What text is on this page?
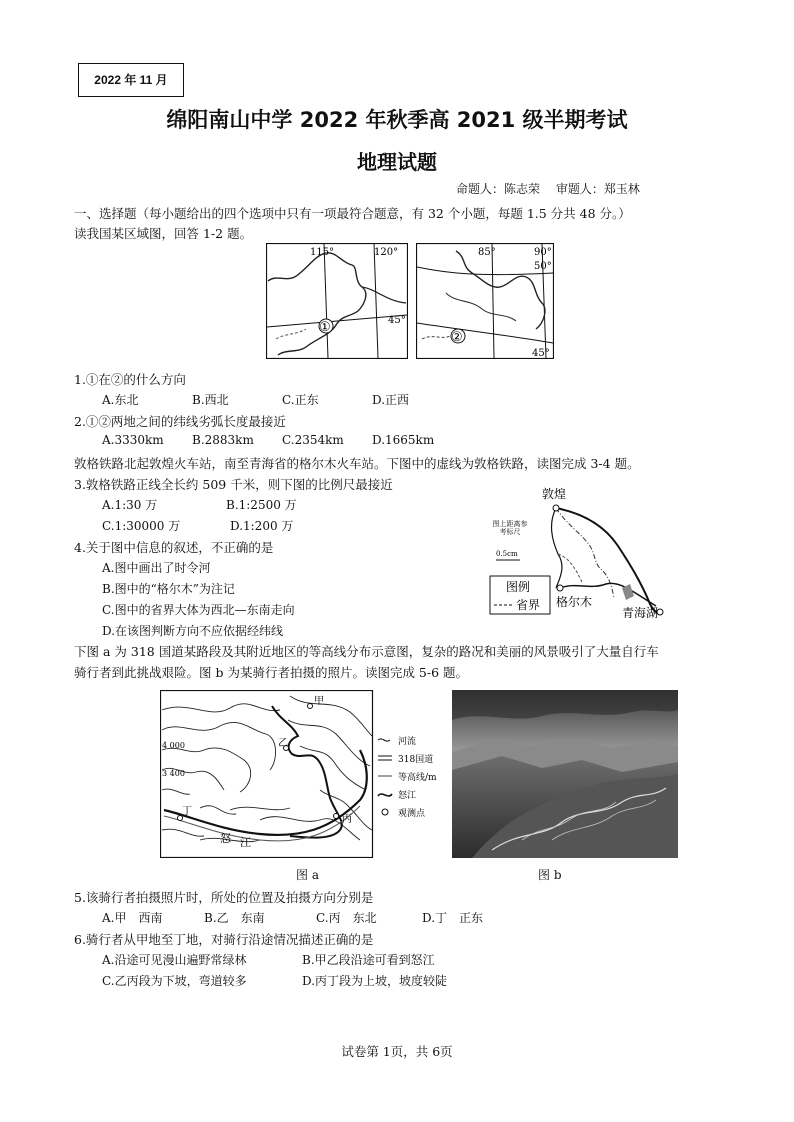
2022 年 11 月
绵阳南山中学 2022 年秋季高 2021 级半期考试
地理试题
命题人：陈志荣　 审题人：郑玉林
一、选择题（每小题给出的四个选项中只有一项最符合题意，有 32 个小题，每题 1.5 分共 48 分。）
读我国某区域图，回答 1-2 题。
115°	120°
45°
①
85°	90°
50°
45°
②
1.①在②的什么方向
A.东北	B.西北	C.正东	D.正西
2.①②两地之间的纬线劣弧长度最接近
A.3330km B.2883km C.2354km D.1665km
敦格铁路北起敦煌火车站，南至青海省的格尔木火车站。下图中的虚线为敦格铁路，读图完成 3-4 题。
3.敦格铁路正线全长约 509 千米，则下图的比例尺最接近
A.1:30 万	B.1:2500 万
C.1:30000 万	D.1:200 万
4.关于图中信息的叙述，不正确的是
A.图中画出了时令河
B.图中的“格尔木”为注记
C.图中的省界大体为西北—东南走向
D.在该图判断方向不应依据经纬线
敦煌
格尔木
青海湖
图上距离参考标尺
0.5cm
图例
省界
下图 a 为 318 国道某路段及其附近地区的等高线分布示意图，复杂的路况和美丽的风景吸引了大量自行车
骑行者到此挑战艰险。图 b 为某骑行者拍摄的照片。读图完成 5-6 题。
4 000
3 400
乙
甲
丙
丁
怒 江
河流
318国道
等高线/m
怒江
观测点
图 a	图 b
5.该骑行者拍摄照片时，所处的位置及拍摄方向分别是
A.甲　西南	B.乙　东南	C.丙　东北	D.丁　正东
6.骑行者从甲地至丁地，对骑行沿途情况描述正确的是
A.沿途可见漫山遍野常绿林	B.甲乙段沿途可看到怒江
C.乙丙段为下坡，弯道较多	D.丙丁段为上坡，坡度较陡
试卷第 1页，共 6页
